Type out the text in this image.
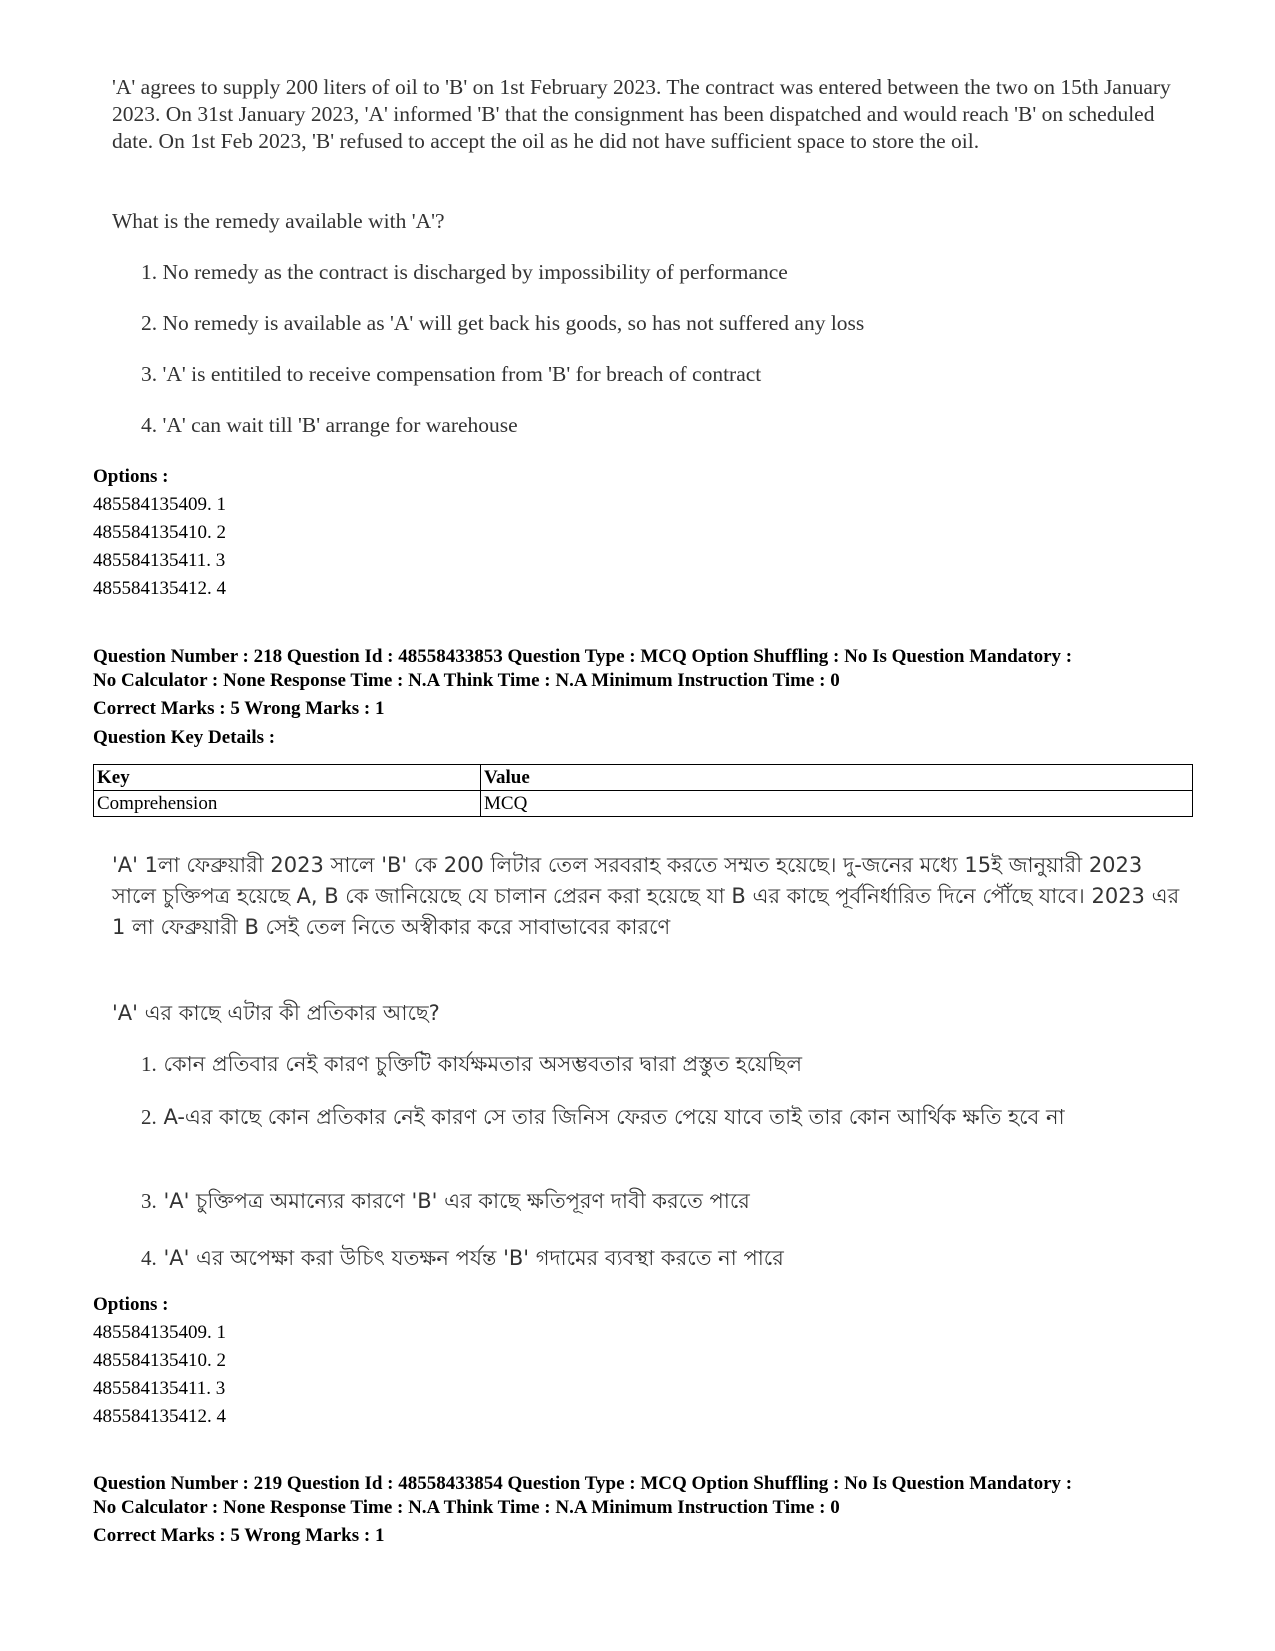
'A' agrees to supply 200 liters of oil to 'B' on 1st February 2023. The contract was entered between the two on 15th January 2023. On 31st January 2023, 'A' informed 'B' that the consignment has been dispatched and would reach 'B' on scheduled date. On 1st Feb 2023, 'B' refused to accept the oil as he did not have sufficient space to store the oil.
What is the remedy available with 'A'?
1. No remedy as the contract is discharged by impossibility of performance
2. No remedy is available as 'A' will get back his goods, so has not suffered any loss
3. 'A' is entitiled to receive compensation from 'B' for breach of contract
4. 'A' can wait till 'B' arrange for warehouse
Options :
485584135409. 1
485584135410. 2
485584135411. 3
485584135412. 4
Question Number : 218 Question Id : 48558433853 Question Type : MCQ Option Shuffling : No Is Question Mandatory :
No Calculator : None Response Time : N.A Think Time : N.A Minimum Instruction Time : 0
Correct Marks : 5 Wrong Marks : 1
Question Key Details :
Key	Value
Comprehension	MCQ
'A' 1লা ফেব্রুয়ারী 2023 সালে 'B' কে 200 লিটার তেল সরবরাহ করতে সম্মত হয়েছে। দু-জনের মধ্যে 15ই জানুয়ারী 2023 সালে চুক্তিপত্র হয়েছে A, B কে জানিয়েছে যে চালান প্রেরন করা হয়েছে যা B এর কাছে পূর্বনির্ধারিত দিনে পৌঁছে যাবে। 2023 এর 1 লা ফেব্রুয়ারী B সেই তেল নিতে অস্বীকার করে সাবাভাবের কারণে
'A' এর কাছে এটার কী প্রতিকার আছে?
1. কোন প্রতিবার নেই কারণ চুক্তিটি কার্যক্ষমতার অসম্ভবতার দ্বারা প্রস্তুত হয়েছিল
2. A-এর কাছে কোন প্রতিকার নেই কারণ সে তার জিনিস ফেরত পেয়ে যাবে তাই তার কোন আর্থিক ক্ষতি হবে না
3. 'A' চুক্তিপত্র অমান্যের কারণে 'B' এর কাছে ক্ষতিপূরণ দাবী করতে পারে
4. 'A' এর অপেক্ষা করা উচিৎ যতক্ষন পর্যন্ত 'B' গদামের ব্যবস্থা করতে না পারে
Options :
485584135409. 1
485584135410. 2
485584135411. 3
485584135412. 4
Question Number : 219 Question Id : 48558433854 Question Type : MCQ Option Shuffling : No Is Question Mandatory :
No Calculator : None Response Time : N.A Think Time : N.A Minimum Instruction Time : 0
Correct Marks : 5 Wrong Marks : 1
